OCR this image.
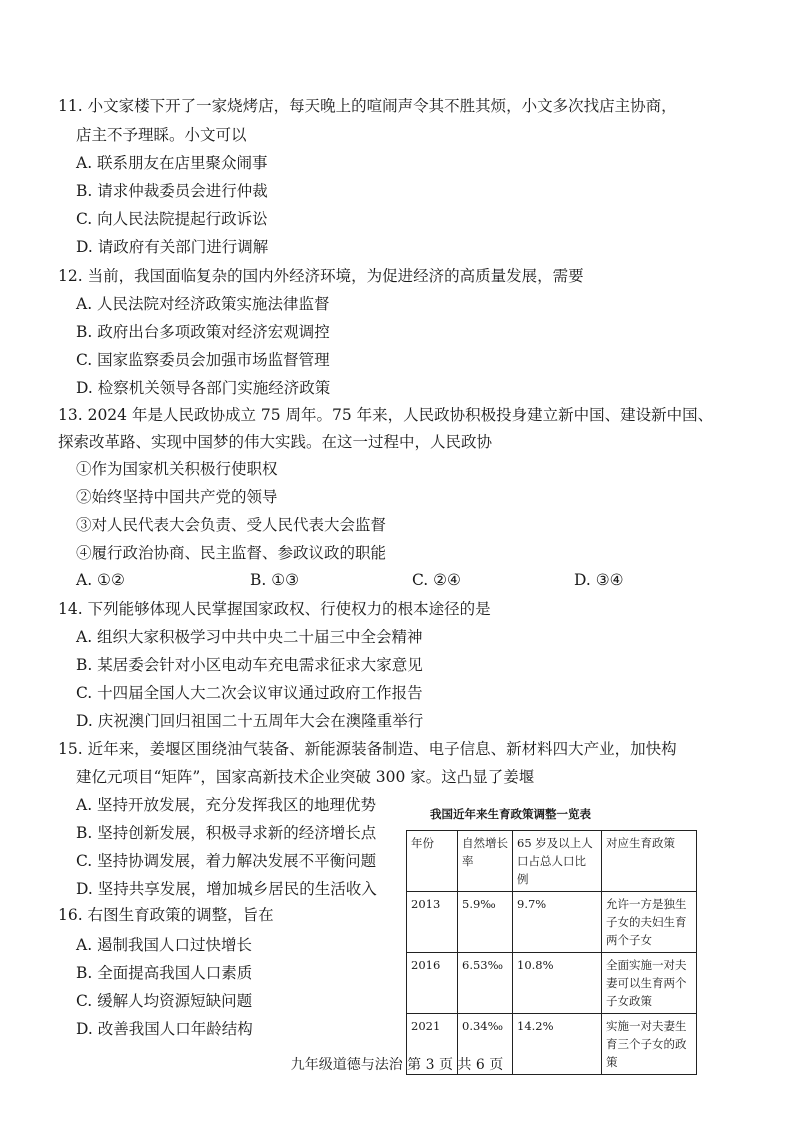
11. 小文家楼下开了一家烧烤店，每天晚上的喧闹声令其不胜其烦，小文多次找店主协商，
店主不予理睬。小文可以
A. 联系朋友在店里聚众闹事
B. 请求仲裁委员会进行仲裁
C. 向人民法院提起行政诉讼
D. 请政府有关部门进行调解
12. 当前，我国面临复杂的国内外经济环境，为促进经济的高质量发展，需要
A. 人民法院对经济政策实施法律监督
B. 政府出台多项政策对经济宏观调控
C. 国家监察委员会加强市场监督管理
D. 检察机关领导各部门实施经济政策
13. 2024 年是人民政协成立 75 周年。75 年来，人民政协积极投身建立新中国、建设新中国、
探索改革路、实现中国梦的伟大实践。在这一过程中，人民政协
①作为国家机关积极行使职权
②始终坚持中国共产党的领导
③对人民代表大会负责、受人民代表大会监督
④履行政治协商、民主监督、参政议政的职能
A. ①②	B. ①③	C. ②④	D. ③④
14. 下列能够体现人民掌握国家政权、行使权力的根本途径的是
A. 组织大家积极学习中共中央二十届三中全会精神
B. 某居委会针对小区电动车充电需求征求大家意见
C. 十四届全国人大二次会议审议通过政府工作报告
D. 庆祝澳门回归祖国二十五周年大会在澳隆重举行
15. 近年来，姜堰区围绕油气装备、新能源装备制造、电子信息、新材料四大产业，加快构
建亿元项目“矩阵”，国家高新技术企业突破 300 家。这凸显了姜堰
A. 坚持开放发展，充分发挥我区的地理优势
B. 坚持创新发展，积极寻求新的经济增长点
C. 坚持协调发展，着力解决发展不平衡问题
D. 坚持共享发展，增加城乡居民的生活收入
16. 右图生育政策的调整，旨在
A. 遏制我国人口过快增长
B. 全面提高我国人口素质
C. 缓解人均资源短缺问题
D. 改善我国人口年龄结构
我国近年来生育政策调整一览表
年份	自然增长率	65 岁及以上人口占总人口比例	对应生育政策
2013	5.9‰	9.7%	允许一方是独生子女的夫妇生育两个子女
2016	6.53‰	10.8%	全面实施一对夫妻可以生育两个子女政策
2021	0.34‰	14.2%	实施一对夫妻生育三个子女的政策
九年级道德与法治 第 3 页 共 6 页
